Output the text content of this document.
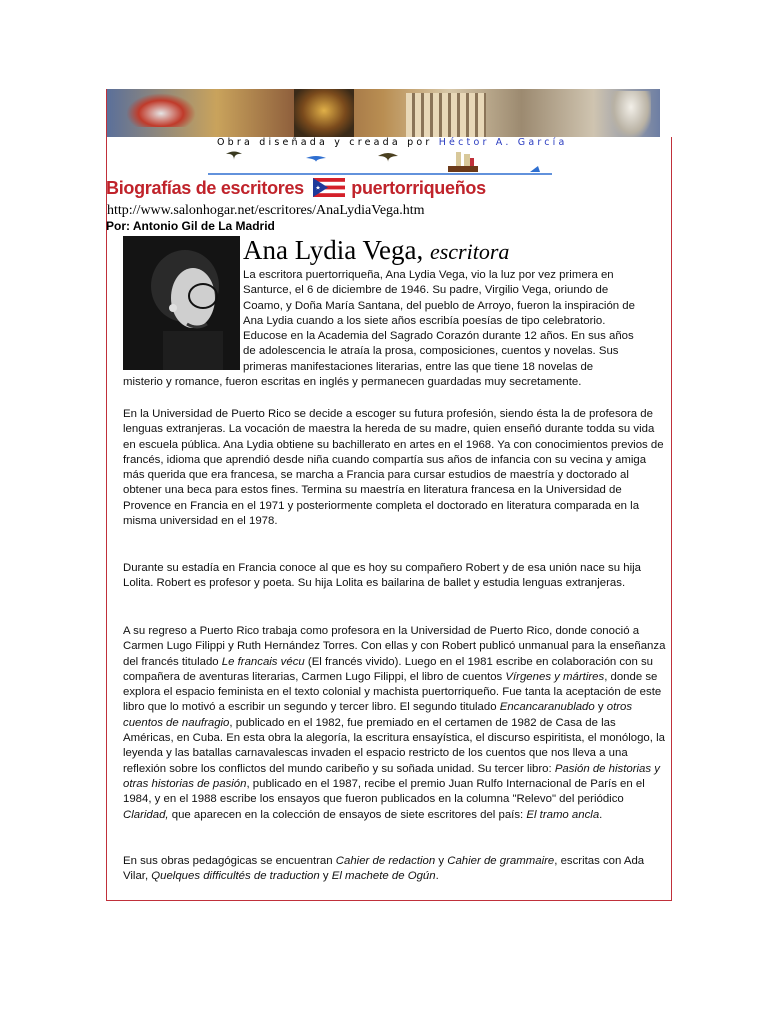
Obra diseñada y creada por Héctor A. García
Biografías de escritores	puertorriqueños
http://www.salonhogar.net/escritores/AnaLydiaVega.htm
Por: Antonio Gil de La Madrid
Ana Lydia Vega, escritora
La escritora puertorriqueña, Ana Lydia Vega, vio la luz por vez primera en
Santurce, el 6 de diciembre de 1946. Su padre, Virgilio Vega, oriundo de
Coamo, y Doña María Santana, del pueblo de Arroyo, fueron la inspiración de
Ana Lydia cuando a los siete años escribía poesías de tipo celebratorio.
Educose en la Academia del Sagrado Corazón durante 12 años. En sus años
de adolescencia le atraía la prosa, composiciones, cuentos y novelas. Sus
primeras manifestaciones literarias, entre las que tiene 18 novelas de
misterio y romance, fueron escritas en inglés y permanecen guardadas muy secretamente.
En la Universidad de Puerto Rico se decide a escoger su futura profesión, siendo ésta la de profesora de lenguas extranjeras. La vocación de maestra la hereda de su madre, quien enseñó durante todda su vida en escuela pública. Ana Lydia obtiene su bachillerato en artes en el 1968. Ya con conocimientos previos de francés, idioma que aprendió desde niña cuando compartía sus años de infancia con su vecina y amiga más querida que era francesa, se marcha a Francia para cursar estudios de maestría y doctorado al obtener una beca para estos fines. Termina su maestría en literatura francesa en la Universidad de Provence en Francia en el 1971 y posteriormente completa el doctorado en literatura comparada en la misma universidad en el 1978.
Durante su estadía en Francia conoce al que es hoy su compañero Robert y de esa unión nace su hija Lolita. Robert es profesor y poeta. Su hija Lolita es bailarina de ballet y estudia lenguas extranjeras.
A su regreso a Puerto Rico trabaja como profesora en la Universidad de Puerto Rico, donde conoció a Carmen Lugo Filippi y Ruth Hernández Torres. Con ellas y con Robert publicó unmanual para la enseñanza del francés titulado Le francais vécu (El francés vivido). Luego en el 1981 escribe en colaboración con su compañera de aventuras literarias, Carmen Lugo Filippi, el libro de cuentos Vírgenes y mártires, donde se explora el espacio feminista en el texto colonial y machista puertorriqueño. Fue tanta la aceptación de este libro que lo motivó a escribir un segundo y tercer libro. El segundo titulado Encancaranublado y otros cuentos de naufragio, publicado en el 1982, fue premiado en el certamen de 1982 de Casa de las Américas, en Cuba. En esta obra la alegoría, la escritura ensayística, el discurso espiritista, el monólogo, la leyenda y las batallas carnavalescas invaden el espacio restricto de los cuentos que nos lleva a una reflexión sobre los conflictos del mundo caribeño y su soñada unidad. Su tercer libro: Pasión de historias y otras historias de pasión, publicado en el 1987, recibe el premio Juan Rulfo Internacional de París en el 1984, y en el 1988 escribe los ensayos que fueron publicados en la columna "Relevo" del periódico Claridad, que aparecen en la colección de ensayos de siete escritores del país: El tramo ancla.
En sus obras pedagógicas se encuentran Cahier de redaction y Cahier de grammaire, escritas con Ada Vilar, Quelques difficultés de traduction y El machete de Ogún.
